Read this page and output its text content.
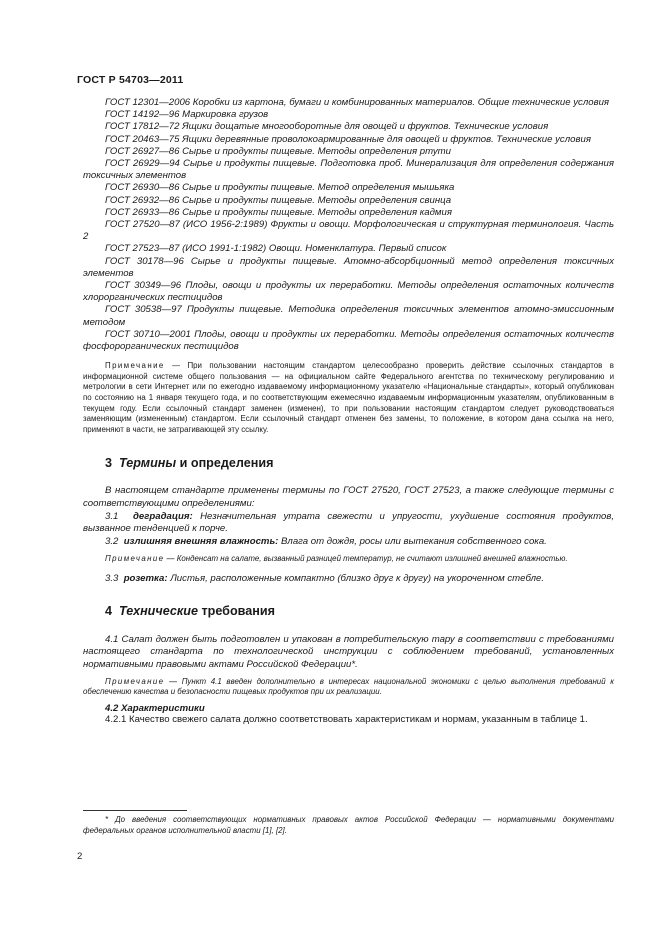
ГОСТ Р 54703—2011

ГОСТ 12301—2006 Коробки из картона, бумаги и комбинированных материалов. Общие технические условия

ГОСТ 14192—96 Маркировка грузов

ГОСТ 17812—72 Ящики дощатые многооборотные для овощей и фруктов. Технические условия

ГОСТ 20463—75 Ящики деревянные проволокоармированные для овощей и фруктов. Технические условия

ГОСТ 26927—86 Сырье и продукты пищевые. Методы определения ртути

ГОСТ 26929—94 Сырье и продукты пищевые. Подготовка проб. Минерализация для определения содержания токсичных элементов

ГОСТ 26930—86 Сырье и продукты пищевые. Метод определения мышьяка

ГОСТ 26932—86 Сырье и продукты пищевые. Методы определения свинца

ГОСТ 26933—86 Сырье и продукты пищевые. Методы определения кадмия

ГОСТ 27520—87 (ИСО 1956-2:1989) Фрукты и овощи. Морфологическая и структурная терминология. Часть 2

ГОСТ 27523—87 (ИСО 1991-1:1982) Овощи. Номенклатура. Первый список

ГОСТ 30178—96 Сырье и продукты пищевые. Атомно-абсорбционный метод определения токсичных элементов

ГОСТ 30349—96 Плоды, овощи и продукты их переработки. Методы определения остаточных количеств хлорорганических пестицидов

ГОСТ 30538—97 Продукты пищевые. Методика определения токсичных элементов атомно-эмиссионным методом

ГОСТ 30710—2001 Плоды, овощи и продукты их переработки. Методы определения остаточных количеств фосфорорганических пестицидов

Примечание — При пользовании настоящим стандартом целесообразно проверить действие ссылочных стандартов в информационной системе общего пользования — на официальном сайте Федерального агентства по техническому регулированию и метрологии в сети Интернет или по ежегодно издаваемому информационному указателю «Национальные стандарты», который опубликован по состоянию на 1 января текущего года, и по соответствующим ежемесячно издаваемым информационным указателям, опубликованным в текущем году. Если ссылочный стандарт заменен (изменен), то при пользовании настоящим стандартом следует руководствоваться заменяющим (измененным) стандартом. Если ссылочный стандарт отменен без замены, то положение, в котором дана ссылка на него, применяют в части, не затрагивающей эту ссылку.

3 Термины и определения

В настоящем стандарте применены термины по ГОСТ 27520, ГОСТ 27523, а также следующие термины с соответствующими определениями:

3.1 деградация: Незначительная утрата свежести и упругости, ухудшение состояния продуктов, вызванное тенденцией к порче.

3.2 излишняя внешняя влажность: Влага от дождя, росы или вытекания собственного сока.

Примечание — Конденсат на салате, вызванный разницей температур, не считают излишней внешней влажностью.

3.3 розетка: Листья, расположенные компактно (близко друг к другу) на укороченном стебле.

4 Технические требования

4.1 Салат должен быть подготовлен и упакован в потребительскую тару в соответствии с требованиями настоящего стандарта по технологической инструкции с соблюдением требований, установленных нормативными правовыми актами Российской Федерации*.

Примечание — Пункт 4.1 введен дополнительно в интересах национальной экономики с целью выполнения требований к обеспечению качества и безопасности пищевых продуктов при их реализации.

4.2 Характеристики

4.2.1 Качество свежего салата должно соответствовать характеристикам и нормам, указанным в таблице 1.

* До введения соответствующих нормативных правовых актов Российской Федерации — нормативными документами федеральных органов исполнительной власти [1], [2].

2
